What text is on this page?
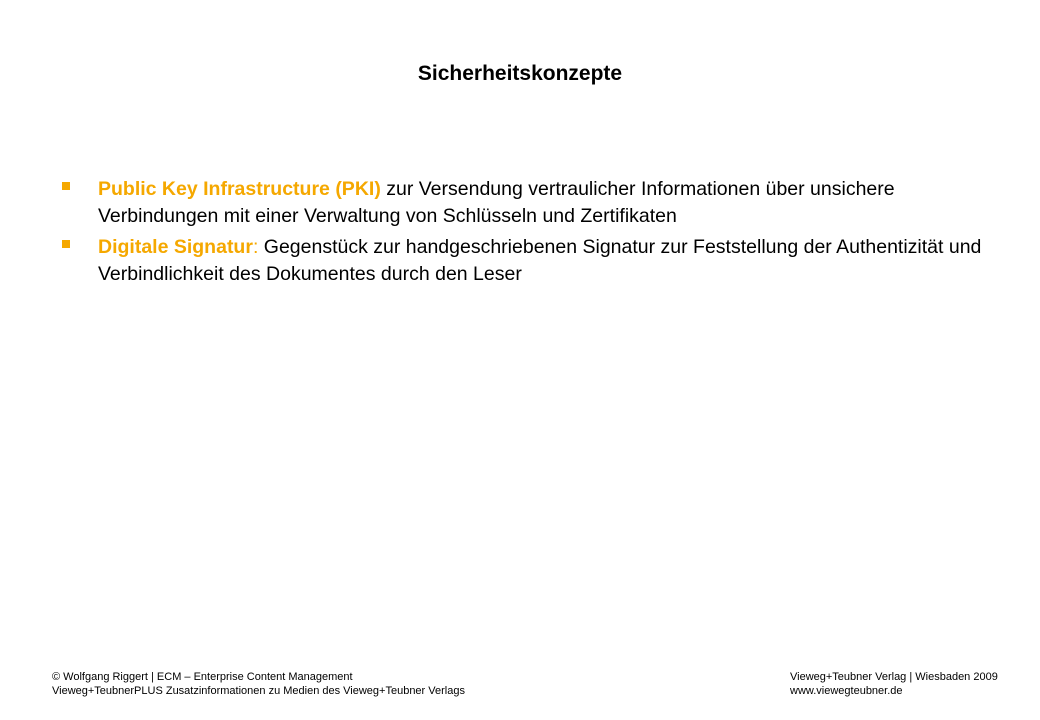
Sicherheitskonzepte
Public Key Infrastructure (PKI) zur Versendung vertraulicher Informationen über unsichere Verbindungen mit einer Verwaltung von Schlüsseln und Zertifikaten
Digitale Signatur: Gegenstück zur handgeschriebenen Signatur zur Feststellung der Authentizität und Verbindlichkeit des Dokumentes durch den Leser
© Wolfgang Riggert | ECM – Enterprise Content Management
Vieweg+TeubnerPLUS Zusatzinformationen zu Medien des Vieweg+Teubner Verlags
Vieweg+Teubner Verlag | Wiesbaden 2009
www.viewegteubner.de
